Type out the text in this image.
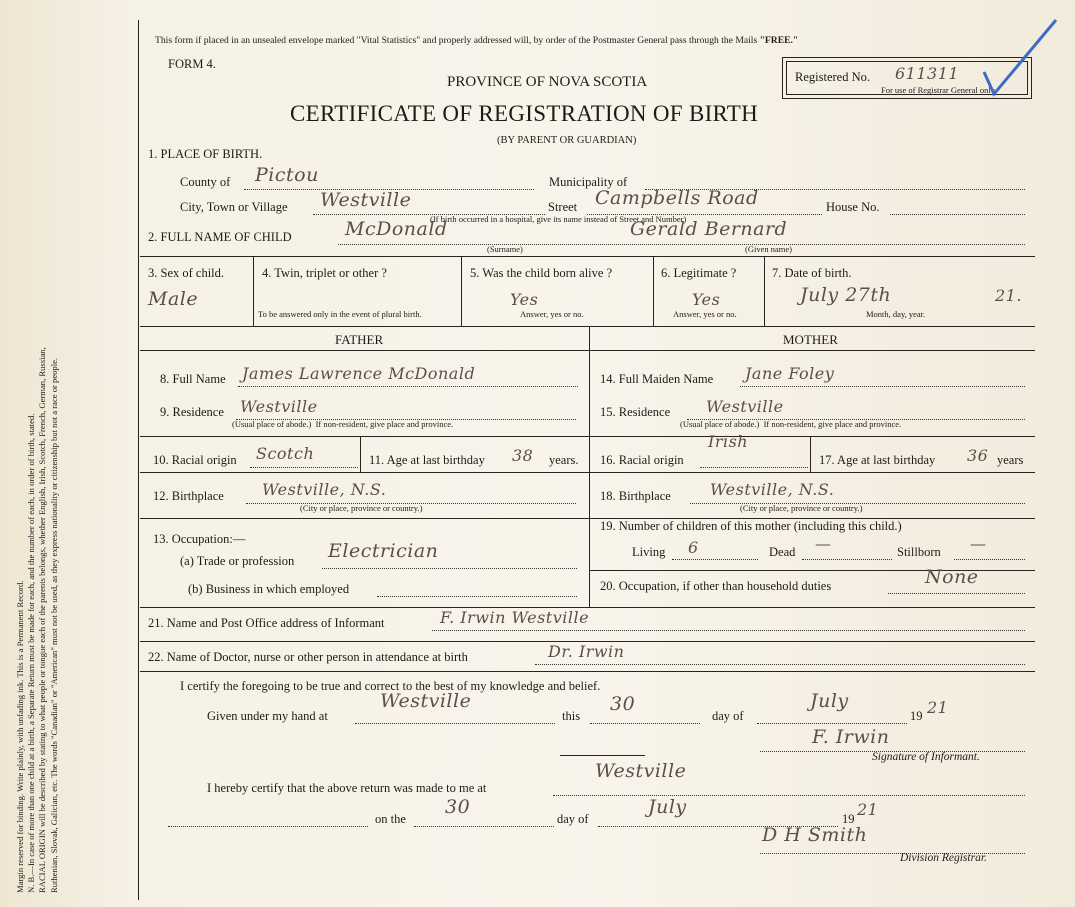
Margin reserved for binding. Write plainly, with unfading ink. This is a Permanent Record. N. B.—In case of more than one child at a birth, a Separate Return must be made for each, and the number of each, in order of birth, stated. RACIAL ORIGIN will be described by stating to what people or tongue each of the parents belongs, whether English, Irish, Scotch, French, German, Russian, Ruthenian, Slovak, Galician, etc. The words "Canadian" or "American" must not be used, as they express nationality or citizenship but not a race or people.
This form if placed in an unsealed envelope marked "Vital Statistics" and properly addressed will, by order of the Postmaster General pass through the Mails "FREE."
FORM 4.
PROVINCE OF NOVA SCOTIA
CERTIFICATE OF REGISTRATION OF BIRTH
(BY PARENT OR GUARDIAN)
Registered No. 611311
For use of Registrar General only.
1. PLACE OF BIRTH.
County of Pictou	Municipality of
City, Town or Village Westville	Street Campbells Road	House No.
(If birth occurred in a hospital, give its name instead of Street and Number)
2. FULL NAME OF CHILD	McDonald	Gerald Bernard
(Surname)	(Given name)
3. Sex of child.
Male
4. Twin, triplet or other ?
To be answered only in the event of plural birth.
5. Was the child born alive ?
Yes
Answer, yes or no.
6. Legitimate ?
Yes
Answer, yes or no.
7. Date of birth.
July 27th	21.
Month, day, year.
FATHER	MOTHER
8. Full Name James Lawrence McDonald
9. Residence Westville
(Usual place of abode.) If non-resident, give place and province.
10. Racial origin Scotch	11. Age at last birthday 38 years.
12. Birthplace Westville, N.S.
(City or place, province or country.)
13. Occupation:—
(a) Trade or profession Electrician
(b) Business in which employed
14. Full Maiden Name Jane Foley
15. Residence Westville
(Usual place of abode.) If non-resident, give place and province.
16. Racial origin
Irish
17. Age at last birthday 36 years
18. Birthplace Westville, N.S.
(City or place, province or country.)
19. Number of children of this mother (including this child.)
Living 6	Dead —	Stillborn —
20. Occupation, if other than household duties	None
21. Name and Post Office address of Informant	F. Irwin Westville
22. Name of Doctor, nurse or other person in attendance at birth	Dr. Irwin
I certify the foregoing to be true and correct to the best of my knowledge and belief.
Given under my hand at
Westville
this
30
day of
July
19 21
F. Irwin
Signature of Informant.
I hereby certify that the above return was made to me at
Westville
on the
30
day of
July
19 21
D H Smith
Division Registrar.
